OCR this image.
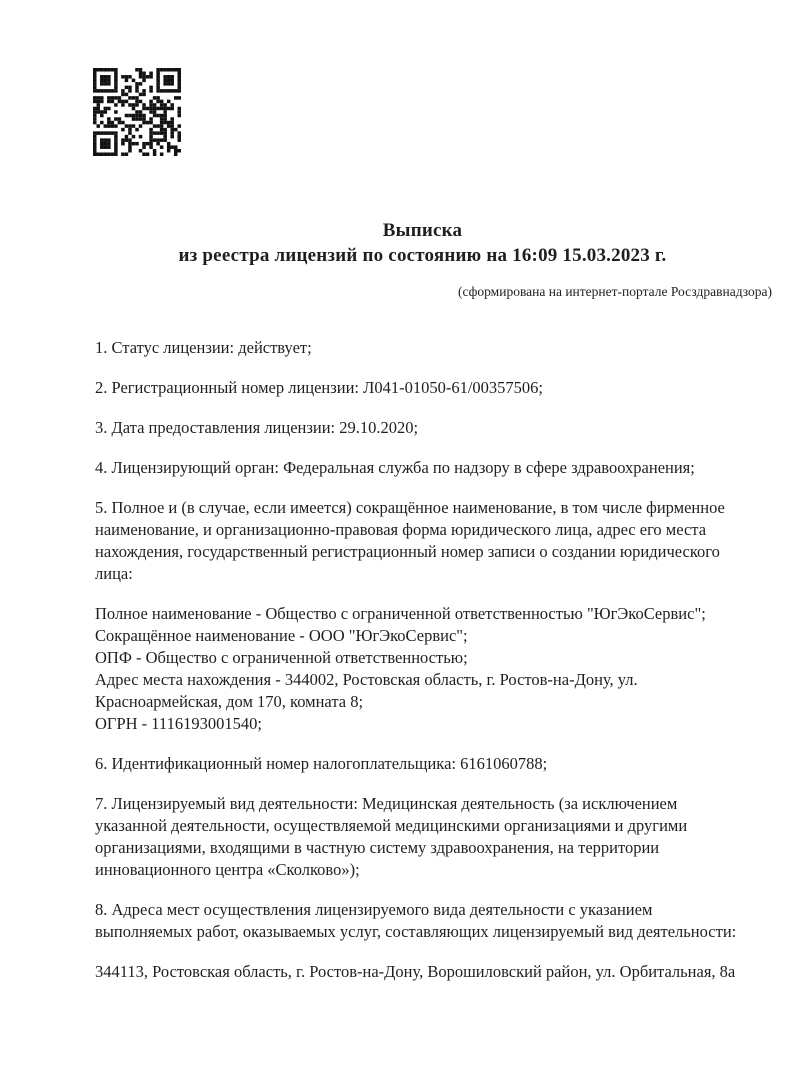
Выписка
из реестра лицензий по состоянию на 16:09 15.03.2023 г.
(сформирована на интернет-портале Росздравнадзора)

1. Статус лицензии: действует;

2. Регистрационный номер лицензии: Л041-01050-61/00357506;

3. Дата предоставления лицензии: 29.10.2020;

4. Лицензирующий орган: Федеральная служба по надзору в сфере здравоохранения;

5. Полное и (в случае, если имеется) сокращённое наименование, в том числе фирменное наименование, и организационно-правовая форма юридического лица, адрес его места нахождения, государственный регистрационный номер записи о создании юридического лица:

Полное наименование - Общество с ограниченной ответственностью "ЮгЭкоСервис";
Сокращённое наименование - ООО "ЮгЭкоСервис";
ОПФ - Общество с ограниченной ответственностью;
Адрес места нахождения - 344002, Ростовская область, г. Ростов-на-Дону, ул. Красноармейская, дом 170, комната 8;
ОГРН - 1116193001540;

6. Идентификационный номер налогоплательщика: 6161060788;

7. Лицензируемый вид деятельности: Медицинская деятельность (за исключением указанной деятельности, осуществляемой медицинскими организациями и другими организациями, входящими в частную систему здравоохранения, на территории инновационного центра «Сколково»);

8. Адреса мест осуществления лицензируемого вида деятельности с указанием выполняемых работ, оказываемых услуг, составляющих лицензируемый вид деятельности:

344113, Ростовская область, г. Ростов-на-Дону, Ворошиловский район, ул. Орбитальная, 8а
